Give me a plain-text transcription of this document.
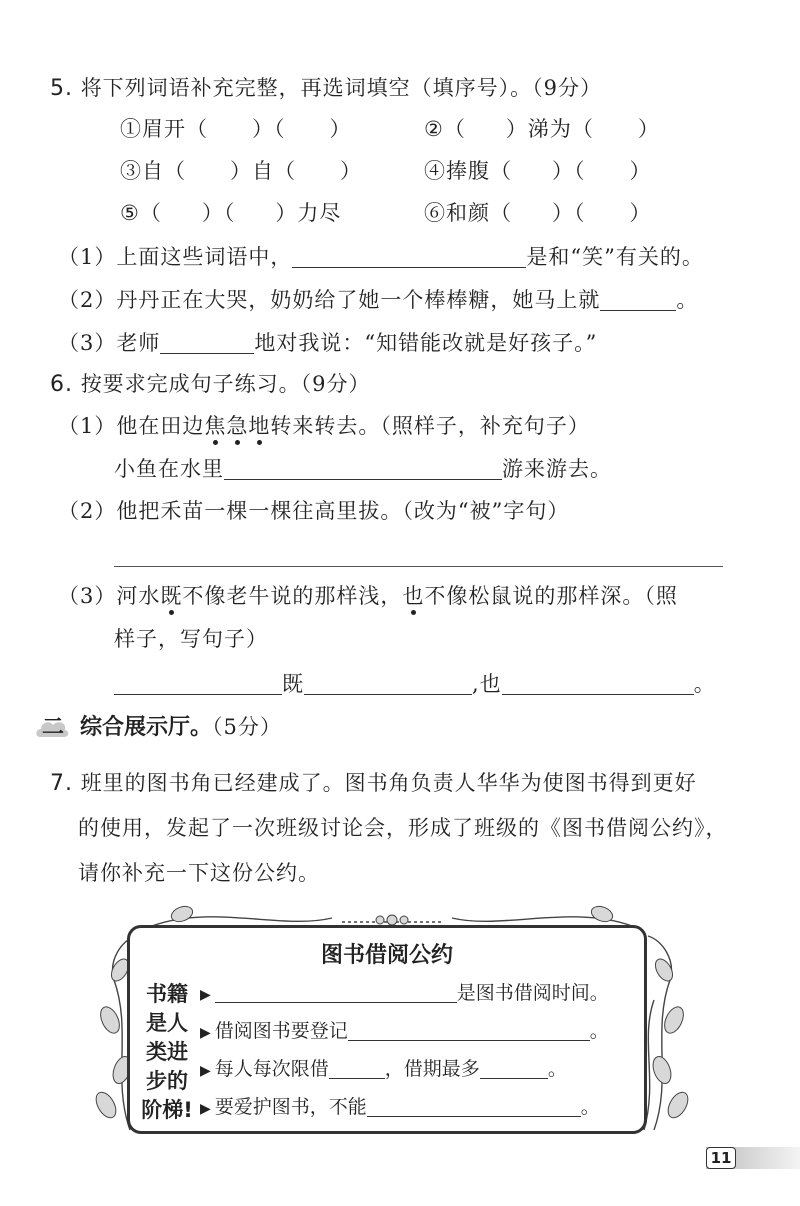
5. 将下列词语补充完整，再选词填空（填序号）。（9分）
①眉开（ ）（ ）	②（ ）涕为（ ）
③自（ ）自（ ）	④捧腹（ ）（ ）
⑤（ ）（ ）力尽	⑥和颜（ ）（ ）
（1）上面这些词语中，	是和“笑”有关的。
（2）丹丹正在大哭，奶奶给了她一个棒棒糖，她马上就	。
（3）老师	地对我说：“知错能改就是好孩子。”
6. 按要求完成句子练习。（9分）
（1）他在田边焦急地转来转去。（照样子，补充句子）
小鱼在水里	游来游去。
（2）他把禾苗一棵一棵往高里拔。（改为“被”字句）
（3）河水既不像老牛说的那样浅，也不像松鼠说的那样深。（照
样子，写句子）
既	,也	。
二 综合展示厅。（5分）
7. 班里的图书角已经建成了。图书角负责人华华为使图书得到更好
的使用，发起了一次班级讨论会，形成了班级的《图书借阅公约》，
请你补充一下这份公约。
图书借阅公约
书籍是人类进步的阶梯!
▶	是图书借阅时间。
▶ 借阅图书要登记	。
▶ 每人每次限借	，借期最多	。
▶ 要爱护图书，不能	。
11
